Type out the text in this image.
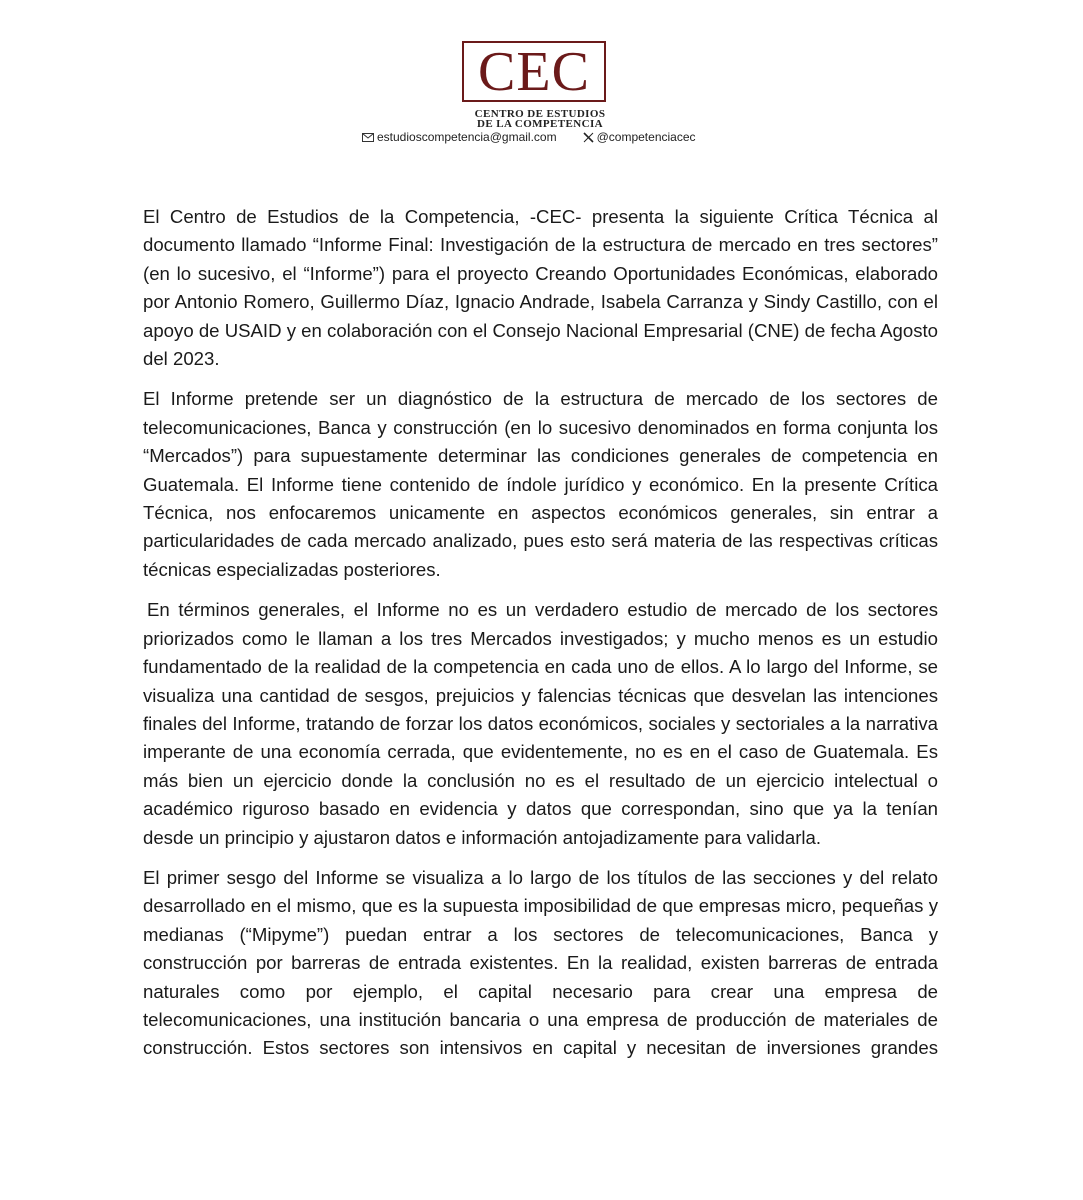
CEC
CENTRO DE ESTUDIOS
DE LA COMPETENCIA
estudioscompetencia@gmail.com	@competenciacec

El Centro de Estudios de la Competencia, -CEC- presenta la siguiente Crítica Técnica al documento llamado “Informe Final: Investigación de la estructura de mercado en tres sectores” (en lo sucesivo, el “Informe”) para el proyecto Creando Oportunidades Económicas, elaborado por Antonio Romero, Guillermo Díaz, Ignacio Andrade, Isabela Carranza y Sindy Castillo, con el apoyo de USAID y en colaboración con el Consejo Nacional Empresarial (CNE) de fecha Agosto del 2023.

El Informe pretende ser un diagnóstico de la estructura de mercado de los sectores de telecomunicaciones, Banca y construcción (en lo sucesivo denominados en forma conjunta los “Mercados”) para supuestamente determinar las condiciones generales de competencia en Guatemala. El Informe tiene contenido de índole jurídico y económico. En la presente Crítica Técnica, nos enfocaremos unicamente en aspectos económicos generales, sin entrar a particularidades de cada mercado analizado, pues esto será materia de las respectivas críticas técnicas especializadas posteriores.

En términos generales, el Informe no es un verdadero estudio de mercado de los sectores priorizados como le llaman a los tres Mercados investigados; y mucho menos es un estudio fundamentado de la realidad de la competencia en cada uno de ellos. A lo largo del Informe, se visualiza una cantidad de sesgos, prejuicios y falencias técnicas que desvelan las intenciones finales del Informe, tratando de forzar los datos económicos, sociales y sectoriales a la narrativa imperante de una economía cerrada, que evidentemente, no es en el caso de Guatemala. Es más bien un ejercicio donde la conclusión no es el resultado de un ejercicio intelectual o académico riguroso basado en evidencia y datos que correspondan, sino que ya la tenían desde un principio y ajustaron datos e información antojadizamente para validarla.

El primer sesgo del Informe se visualiza a lo largo de los títulos de las secciones y del relato desarrollado en el mismo, que es la supuesta imposibilidad de que empresas micro, pequeñas y medianas (“Mipyme”) puedan entrar a los sectores de telecomunicaciones, Banca y construcción por barreras de entrada existentes. En la realidad, existen barreras de entrada naturales como por ejemplo, el capital necesario para crear una empresa de telecomunicaciones, una institución bancaria o una empresa de producción de materiales de construcción. Estos sectores son intensivos en capital y necesitan de inversiones grandes
